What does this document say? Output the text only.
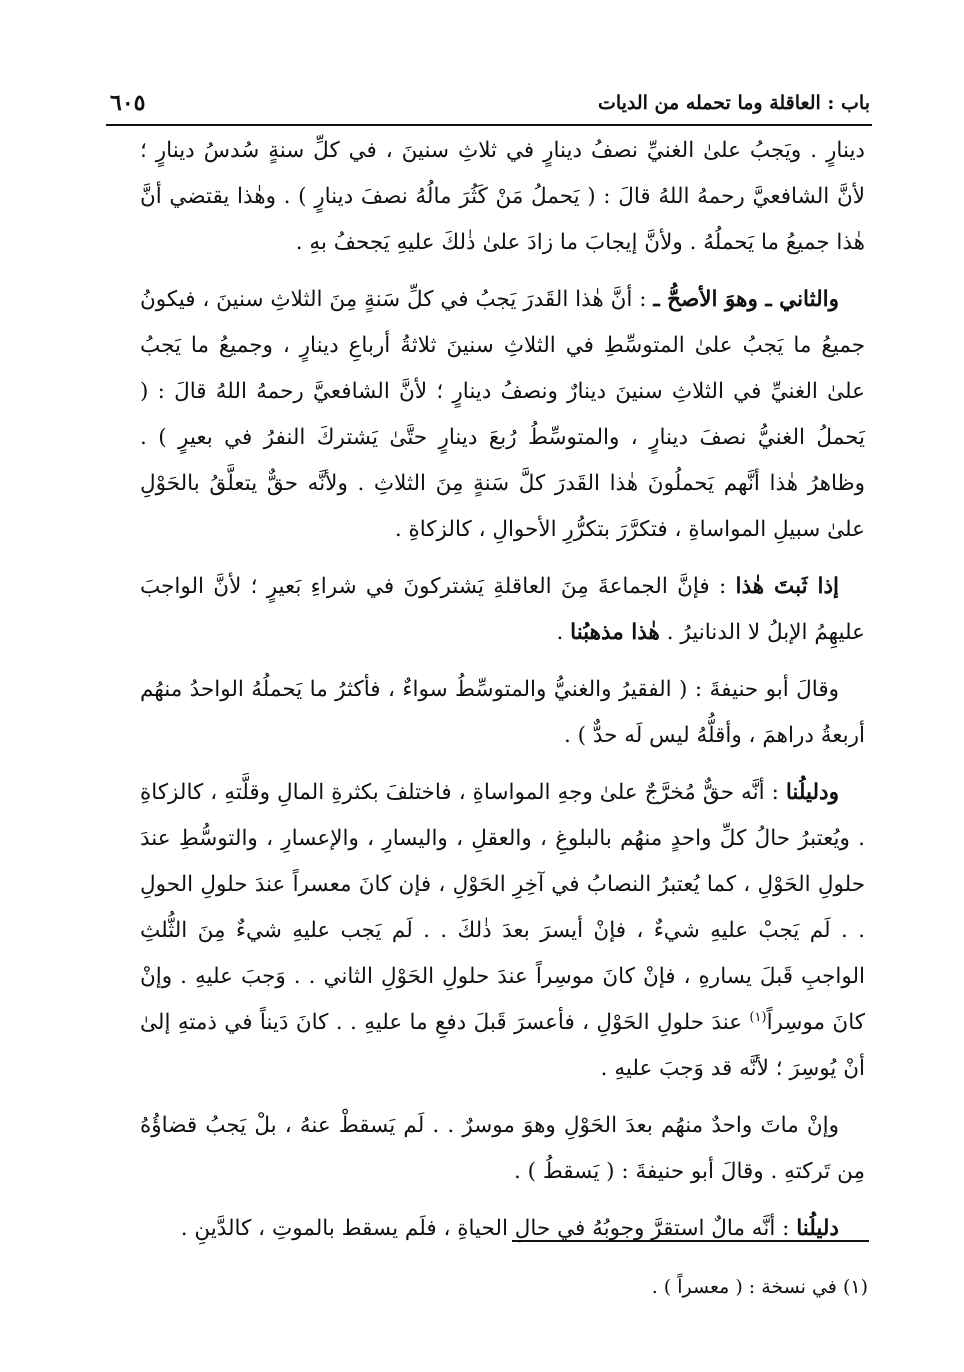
باب : العاقلة وما تحمله من الديات
٦٠٥

دينارٍ . ويَجبُ علىٰ الغنيِّ نصفُ دينارٍ في ثلاثِ سنينَ ، في كلِّ سنةٍ سُدسُ دينارٍ ؛ لأنَّ الشافعيَّ رحمهُ اللهُ قالَ : ( يَحملُ مَنْ كَثُرَ مالُهُ نصفَ دينارٍ ) . وهٰذا يقتضي أنَّ هٰذا جميعُ ما يَحملُهُ . ولأنَّ إيجابَ ما زادَ علىٰ ذٰلكَ عليهِ يَجحفُ بهِ .

والثاني ـ وهوَ الأصحُّ ـ : أنَّ هٰذا القَدرَ يَجبُ في كلِّ سَنةٍ مِنَ الثلاثِ سنينَ ، فيكونُ جميعُ ما يَجبُ علىٰ المتوسِّطِ في الثلاثِ سنينَ ثلاثةُ أرباعِ دينارٍ ، وجميعُ ما يَجبُ علىٰ الغنيِّ في الثلاثِ سنينَ دينارٌ ونصفُ دينارٍ ؛ لأنَّ الشافعيَّ رحمهُ اللهُ قالَ : ( يَحملُ الغنيُّ نصفَ دينارٍ ، والمتوسِّطُ رُبعَ دينارٍ حتَّىٰ يَشتركَ النفرُ في بعيرٍ ) . وظاهرُ هٰذا أنَّهم يَحملُونَ هٰذا القَدرَ كلَّ سَنةٍ مِنَ الثلاثِ . ولأنَّه حقٌّ يتعلَّقُ بالحَوْلِ علىٰ سبيلِ المواساةِ ، فتكرَّرَ بتكرُّرِ الأحوالِ ، كالزكاةِ .

إذا ثَبتَ هٰذا : فإنَّ الجماعةَ مِنَ العاقلةِ يَشتركونَ في شراءِ بَعيرٍ ؛ لأنَّ الواجبَ عليهِمُ الإبلُ لا الدنانيرُ . هٰذا مذهبُنا .

وقالَ أبو حنيفةَ : ( الفقيرُ والغنيُّ والمتوسِّطُ سواءٌ ، فأكثرُ ما يَحملُهُ الواحدُ منهُم أربعةُ دراهمَ ، وأقلُّهُ ليس لَه حدٌّ ) .

ودليلُنا : أنَّه حقٌّ مُخرَّجٌ علىٰ وجهِ المواساةِ ، فاختلفَ بكثرةِ المالِ وقلَّتهِ ، كالزكاةِ . ويُعتبرُ حالُ كلِّ واحدٍ منهُم بالبلوغِ ، والعقلِ ، واليسارِ ، والإعسارِ ، والتوسُّطِ عندَ حلولِ الحَوْلِ ، كما يُعتبرُ النصابُ في آخِرِ الحَوْلِ ، فإن كانَ معسراً عندَ حلولِ الحولِ . . لَم يَجبْ عليهِ شيءٌ ، فإنْ أيسرَ بعدَ ذٰلكَ . . لَم يَجب عليهِ شيءٌ مِنَ الثُّلثِ الواجبِ قَبلَ يسارهِ ، فإنْ كانَ موسِراً عندَ حلولِ الحَوْلِ الثاني . . وَجبَ عليهِ . وإنْ كانَ موسِراً$^{(١)}$ عندَ حلولِ الحَوْلِ ، فأعسرَ قَبلَ دفعِ ما عليهِ . . كانَ دَيناً في ذمتهِ إلىٰ أنْ يُوسِرَ ؛ لأنَّه قد وَجبَ عليهِ .

وإنْ ماتَ واحدٌ منهُم بعدَ الحَوْلِ وهوَ موسرٌ . . لَم يَسقطْ عنهُ ، بلْ يَجبُ قضاؤُهُ مِن تَركتهِ . وقالَ أبو حنيفةَ : ( يَسقطُ ) .

دليلُنا : أنَّه مالٌ استقرَّ وجوبُهُ في حالِ الحياةِ ، فلَم يسقط بالموتِ ، كالدَّينِ .

(١) في نسخة : ( معسراً ) .
